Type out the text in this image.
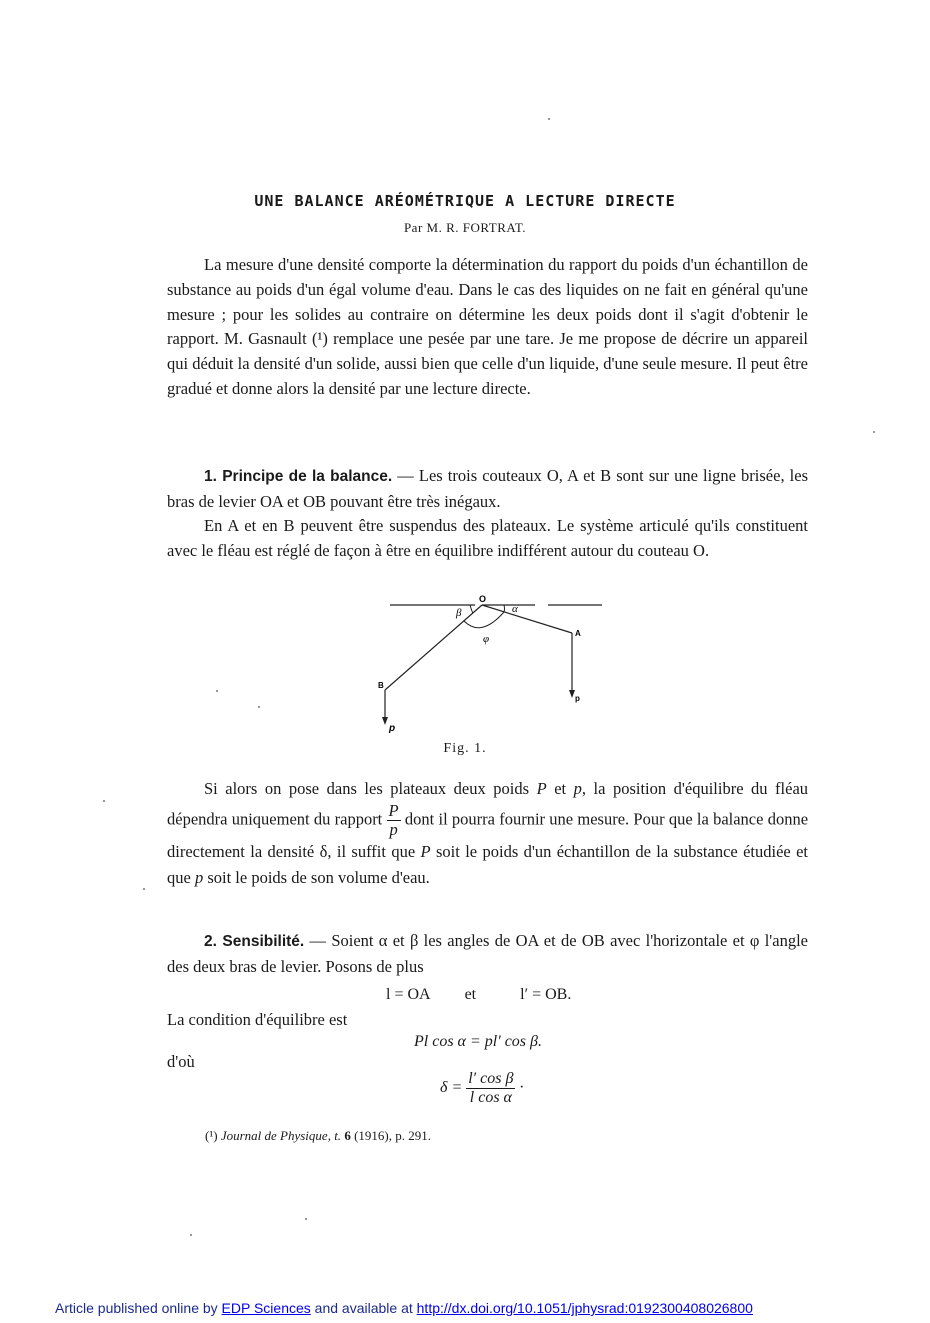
UNE BALANCE ARÉOMÉTRIQUE A LECTURE DIRECTE
Par M. R. FORTRAT.
La mesure d'une densité comporte la détermination du rapport du poids d'un échantillon de substance au poids d'un égal volume d'eau. Dans le cas des liquides on ne fait en général qu'une mesure ; pour les solides au contraire on détermine les deux poids dont il s'agit d'obtenir le rapport. M. Gasnault (¹) remplace une pesée par une tare. Je me propose de décrire un appareil qui déduit la densité d'un solide, aussi bien que celle d'un liquide, d'une seule mesure. Il peut être gradué et donne alors la densité par une lecture directe.
1. Principe de la balance. — Les trois couteaux O, A et B sont sur une ligne brisée, les bras de levier OA et OB pouvant être très inégaux.
En A et en B peuvent être suspendus des plateaux. Le système articulé qu'ils constituent avec le fléau est réglé de façon à être en équilibre indifférent autour du couteau O.
O
A
B
α
β
φ
p
p
Fig. 1.
Si alors on pose dans les plateaux deux poids P et p, la position d'équilibre du fléau dépendra uniquement du rapport $\frac{P}{p}$ dont il pourra fournir une mesure. Pour que la balance donne directement la densité δ, il suffit que P soit le poids d'un échantillon de la substance étudiée et que p soit le poids de son volume d'eau.
2. Sensibilité. — Soient α et β les angles de OA et de OB avec l'horizontale et φ l'angle des deux bras de levier. Posons de plus
l = OA et	l′ = OB.
La condition d'équilibre est
Pl cos α = pl′ cos β.
d'où
$\delta = \frac{\text{l′ cos β}}{\text{l cos α}}$ ·
(¹) Journal de Physique, t. 6 (1916), p. 291.
Article published online by EDP Sciences and available at http://dx.doi.org/10.1051/jphysrad:0192300408026800
